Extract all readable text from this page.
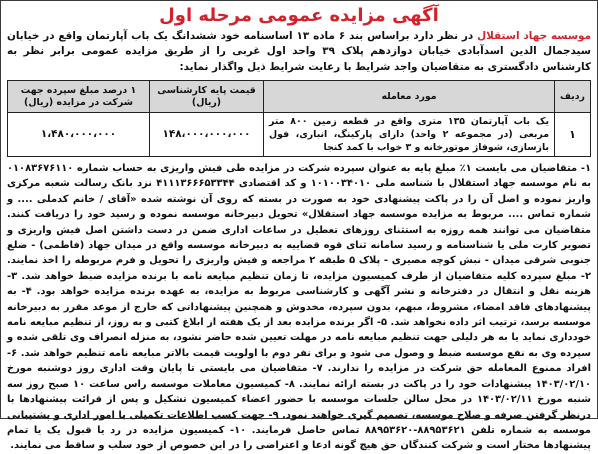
آگهی مزایده عمومی مرحله اول

موسسه جهاد استقلال در نظر دارد براساس بند ۶ ماده ۱۳ اساسنامه خود ششدانگ یک باب آپارتمان واقع در خیابان سیدجمال الدین اسدآبادی خیابان دوازدهم پلاک ۳۹ واحد اول غربی را از طریق مزایده عمومی برابر نظر به کارشناس دادگستری به متقاضیان واجد شرایط با رعایت شرایط ذیل واگذار نماید:

ردیف	مورد معامله	قیمت پایه کارشناسی (ریال)	۱ درصد مبلغ سپرده جهت شرکت در مزایده (ریال)
۱	یک باب آپارتمان ۱۳۵ متری واقع در قطعه زمین ۸۰۰ متر مربعی (در مجموعه ۲ واحد) دارای پارکینگ، انباری، فول بازسازی، شوفاژ موتورخانه و ۳ خواب با کمد کنجا	۱۴۸،۰۰۰،۰۰۰،۰۰۰	۱،۴۸۰،۰۰۰،۰۰۰

۱- متقاضیان می بایست ۱٪ مبلغ پایه به عنوان سپرده شرکت در مزایده طی فیش واریزی به حساب شماره ۰۱۰۸۳۶۷۶۱۱۰ به نام موسسه جهاد استقلال با شناسه ملی ۱۰۱۰۰۳۴۰۱۰ و کد اقتصادی ۴۱۱۱۳۶۶۶۵۳۳۴۴ نزد بانک رسالت شعبه مرکزی واریز نموده و اصل آن را در پاکت پیشنهادی خود به صورت در بسته که روی آن نوشته شده «آقای / خانم کدملی .... و شماره تماس .... مربوط به مزایده موسسه جهاد استقلال» تحویل دبیرخانه موسسه نموده و رسید خود را دریافت کنند. متقاضیان می توانند همه روزه به استثنای روزهای تعطیل در ساعات اداری ضمن در دست داشتن اصل فیش واریزی و تصویر کارت ملی یا شناسنامه و رسید سامانه ثنای قوه قضاییه به دبیرخانه موسسه واقع در میدان جهاد (فاطمی) - ضلع جنوبی شرقی میدان - نبش کوچه مصیری - پلاک ۵ طبقه ۲ مراجعه و فیش واریزی را تحویل و فرم مربوطه را اخذ نمایند. ۲- مبلغ سپرده کلیه متقاضیان از طرف کمیسیون مزایده، تا زمان تنظیم مبایعه نامه با برنده مزایده ضبط خواهد شد. ۳- هزینه نقل و انتقال در دفترخانه و نشر آگهی و کارشناسی مربوط به مزایده، به عهده برنده مزایده خواهد بود. ۴- به پیشنهادهای فاقد امضاء، مشروط، مبهم، بدون سپرده، مخدوش و همچنین پیشنهاداتی که خارج از موعد مقرر به دبیرخانه موسسه برسد، ترتیب اثر داده نخواهد شد. ۵- اگر برنده مزایده بعد از یک هفته از ابلاغ کتبی و به روز، از تنظیم مبایعه نامه خودداری نماید یا به هر دلیلی جهت تنظیم مبایعه نامه در مهلت تعیین شده حاضر نشود، به منزله انصراف وی تلقی شده و سپرده وی به نفع موسسه ضبط و وصول می شود و برای نفر دوم با اولویت قیمت بالاتر مبایعه نامه تنظیم خواهد شد. ۶- افراد ممنوع المعامله حق شرکت در مزایده را ندارند. ۷- متقاضیان می بایستی تا پایان وقت اداری روز دوشنبه مورخ ۱۴۰۳/۰۲/۱۰ پیشنهادات خود را در پاکت در بسته ارائه نمایند. ۸- کمیسیون معاملات موسسه راس ساعت ۱۰ صبح روز سه شنبه مورخ ۱۴۰۳/۰۲/۱۱ در محل سالن جلسات موسسه با حضور اعضاء کمیسیون تشکیل و پس از قرائت پیشنهادها با درنظر گرفتن صرفه و صلاح موسسه، تصمیم گیری خواهند نمود. ۹- جهت کسب اطلاعات تکمیلی با امور اداری و پشتیبانی موسسه به شماره تلفن ۸۸۹۵۳۶۲۱-۸۸۹۵۳۶۲۰ تماس حاصل فرمایند. ۱۰- کمیسیون مزایده در رد یا قبول یک یا تمام پیشنهادها مختار است و شرکت کنندگان حق هیچ گونه ادعا و اعتراضی را در این خصوص از خود سلب و ساقط می نمایند.
